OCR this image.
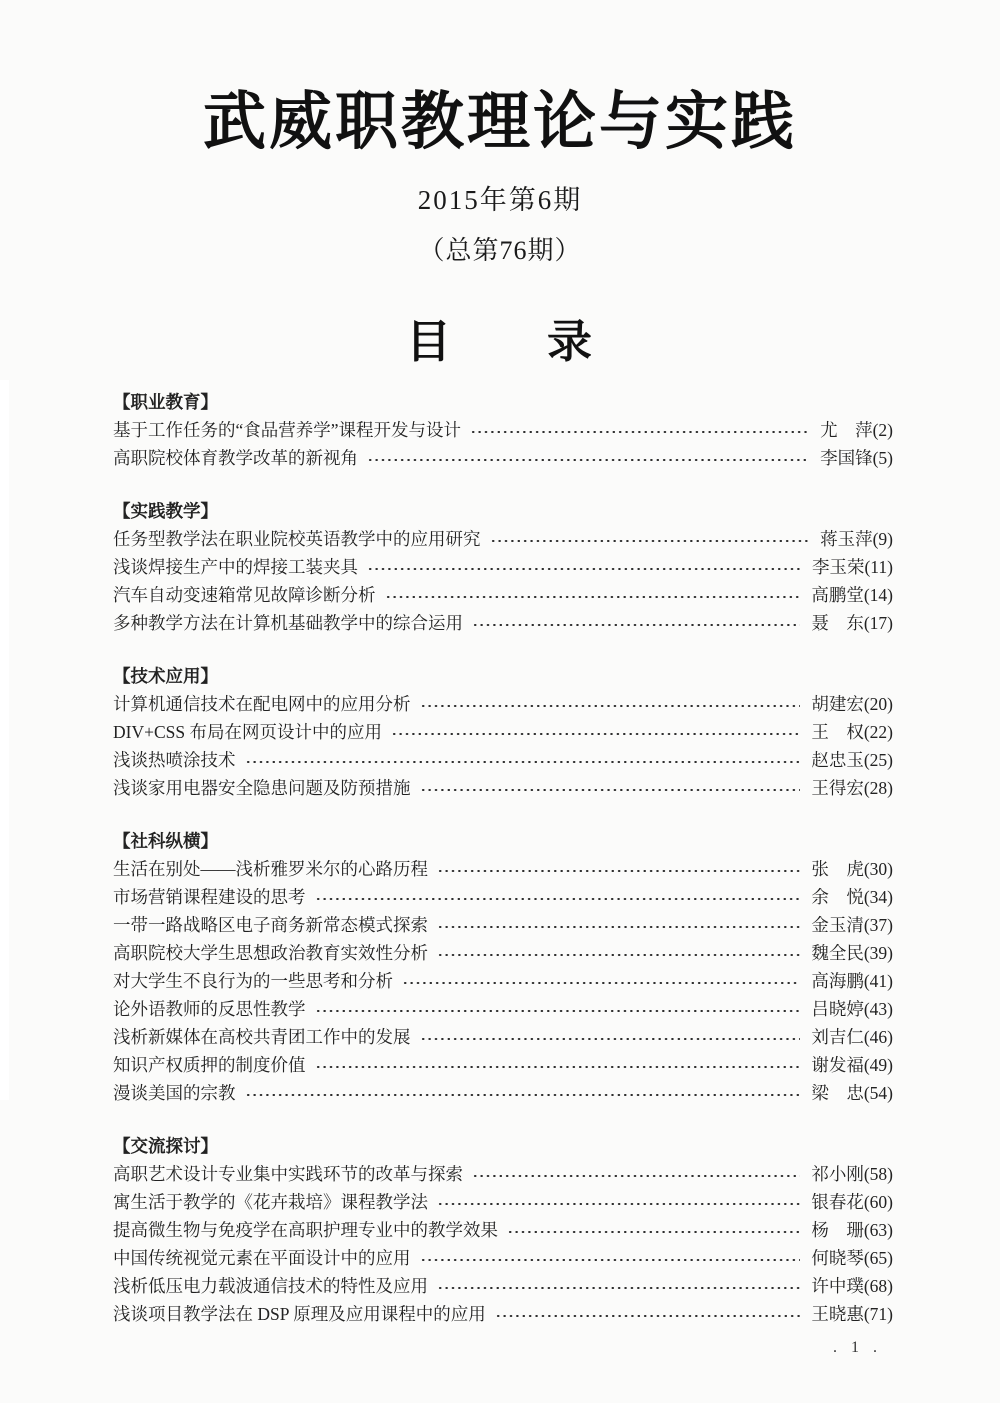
武威职教理论与实践
2015年第6期
（总第76期）
目　　录
【职业教育】
基于工作任务的“食品营养学”课程开发与设计	尤　萍(2)
高职院校体育教学改革的新视角	李国锋(5)
【实践教学】
任务型教学法在职业院校英语教学中的应用研究	蒋玉萍(9)
浅谈焊接生产中的焊接工装夹具	李玉荣(11)
汽车自动变速箱常见故障诊断分析	高鹏堂(14)
多种教学方法在计算机基础教学中的综合运用	聂　东(17)
【技术应用】
计算机通信技术在配电网中的应用分析	胡建宏(20)
DIV+CSS 布局在网页设计中的应用	王　权(22)
浅谈热喷涂技术	赵忠玉(25)
浅谈家用电器安全隐患问题及防预措施	王得宏(28)
【社科纵横】
生活在别处——浅析雅罗米尔的心路历程	张　虎(30)
市场营销课程建设的思考	余　悦(34)
一带一路战略区电子商务新常态模式探索	金玉清(37)
高职院校大学生思想政治教育实效性分析	魏全民(39)
对大学生不良行为的一些思考和分析	高海鹏(41)
论外语教师的反思性教学	吕晓婷(43)
浅析新媒体在高校共青团工作中的发展	刘吉仁(46)
知识产权质押的制度价值	谢发福(49)
漫谈美国的宗教	梁　忠(54)
【交流探讨】
高职艺术设计专业集中实践环节的改革与探索	祁小刚(58)
寓生活于教学的《花卉栽培》课程教学法	银春花(60)
提高微生物与免疫学在高职护理专业中的教学效果	杨　珊(63)
中国传统视觉元素在平面设计中的应用	何晓琴(65)
浅析低压电力载波通信技术的特性及应用	许中璞(68)
浅谈项目教学法在 DSP 原理及应用课程中的应用	王晓惠(71)
. 1 .
